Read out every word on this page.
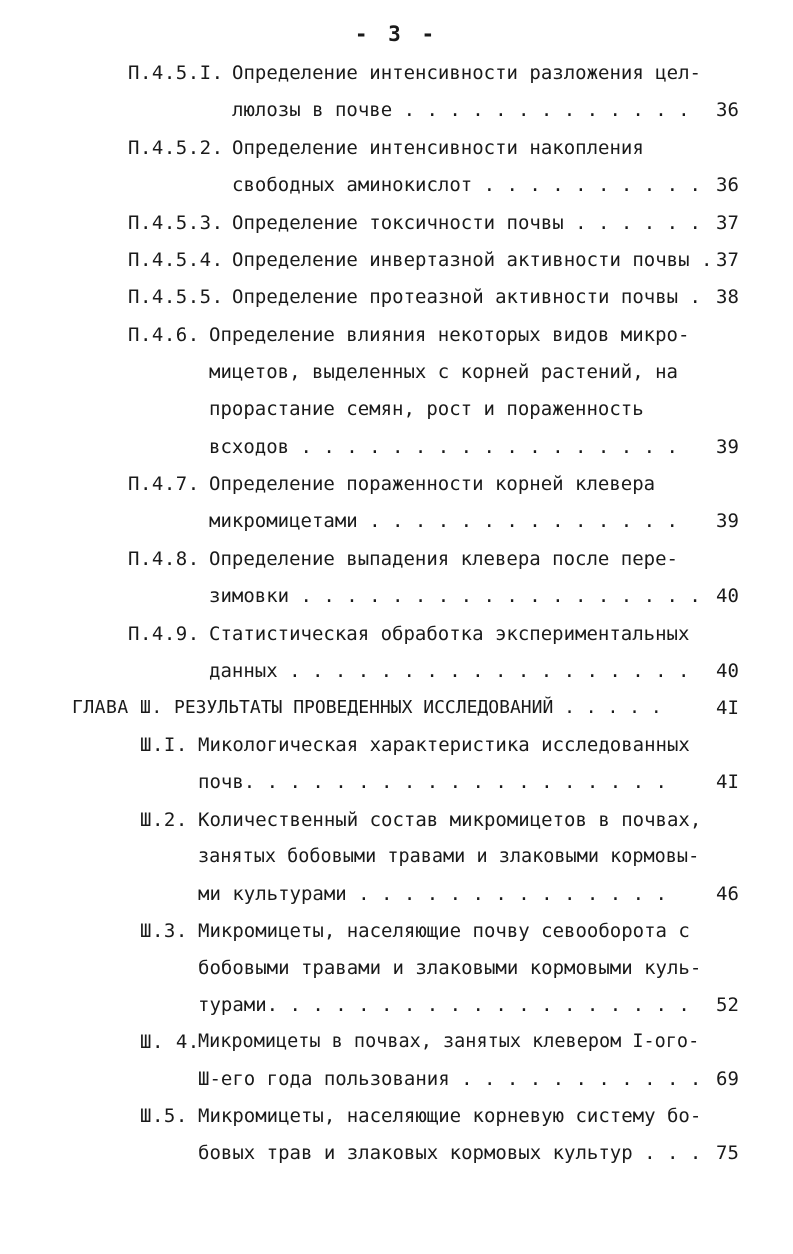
- 3 -
П.4.5.I. Определение интенсивности разложения цел-
люлозы в почве . . . . . . . . . . . . . 36
П.4.5.2. Определение интенсивности накопления
свободных аминокислот . . . . . . . . . . 36
П.4.5.3. Определение токсичности почвы . . . . . . 37
П.4.5.4. Определение инвертазной активности почвы . 37
П.4.5.5. Определение протеазной активности почвы . 38
П.4.6. Определение влияния некоторых видов микро-
мицетов, выделенных с корней растений, на
прорастание семян, рост и пораженность
всходов . . . . . . . . . . . . . . . . . 39
П.4.7. Определение пораженности корней клевера
микромицетами . . . . . . . . . . . . . . 39
П.4.8. Определение выпадения клевера после пере-
зимовки . . . . . . . . . . . . . . . . . . 40
П.4.9. Статистическая обработка экспериментальных
данных . . . . . . . . . . . . . . . . . . 40
ГЛАВА Ш. РЕЗУЛЬТАТЫ ПРОВЕДЕННЫХ ИССЛЕДОВАНИЙ . . . . .	4I
Ш.I. Микологическая характеристика исследованных
почв. . . . . . . . . . . . . . . . . . .	4I
Ш.2. Количественный состав микромицетов в почвах,
занятых бобовыми травами и злаковыми кормовы-
ми культурами . . . . . . . . . . . . . .	46
Ш.3. Микромицеты, населяющие почву севооборота с
бобовыми травами и злаковыми кормовыми куль-
турами. . . . . . . . . . . . . . . . . . . 52
Ш. 4.
Микромицеты в почвах, занятых клевером I-ого-
Ш-его года пользования . . . . . . . . . . . 69
Ш.5. Микромицеты, населяющие корневую систему бо-
бовых трав и злаковых кормовых культур . . . 75
